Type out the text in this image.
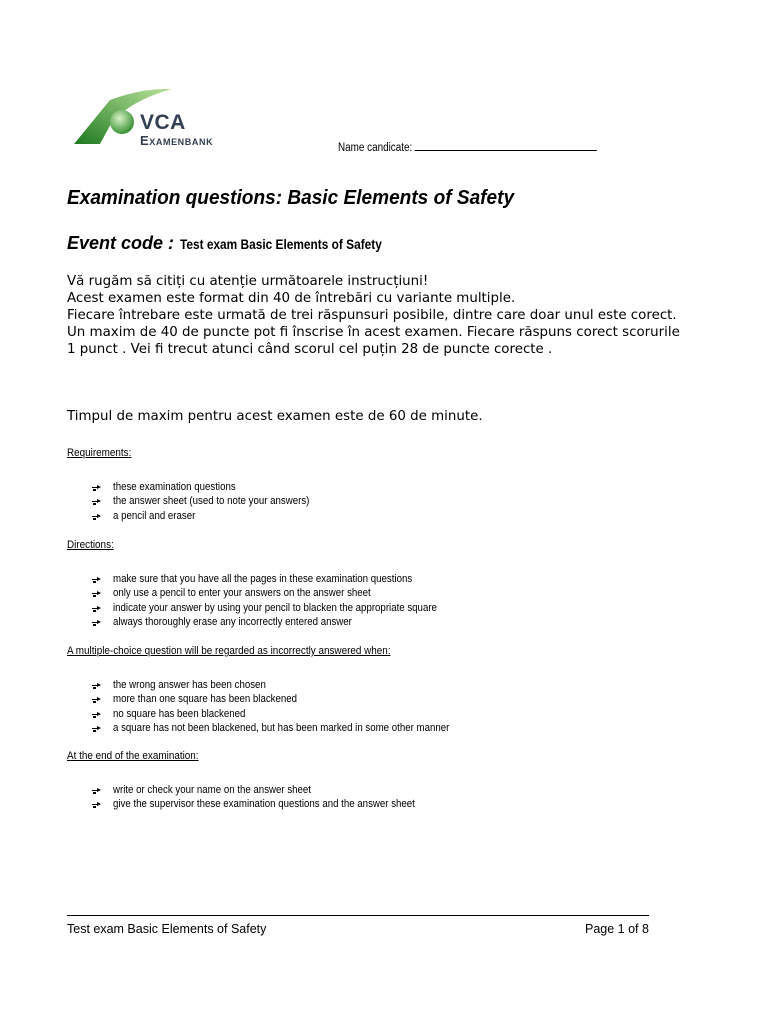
VCA
Examenbank	Name candicate:
Examination questions: Basic Elements of Safety
Event code : Test exam Basic Elements of Safety

Vă rugăm să citiți cu atenție următoarele instrucțiuni!

Acest examen este format din 40 de întrebări cu variante multiple.

Fiecare întrebare este urmată de trei răspunsuri posibile, dintre care doar unul este corect.

Un maxim de 40 de puncte pot fi înscrise în acest examen. Fiecare răspuns corect scorurile 1 punct . Vei fi trecut atunci când scorul cel puțin 28 de puncte corecte .

Timpul de maxim pentru acest examen este de 60 de minute.
Requirements:
these examination questions
the answer sheet (used to note your answers)
a pencil and eraser
Directions:
make sure that you have all the pages in these examination questions
only use a pencil to enter your answers on the answer sheet
indicate your answer by using your pencil to blacken the appropriate square
always thoroughly erase any incorrectly entered answer
A multiple-choice question will be regarded as incorrectly answered when:
the wrong answer has been chosen
more than one square has been blackened
no square has been blackened
a square has not been blackened, but has been marked in some other manner
At the end of the examination:
write or check your name on the answer sheet
give the supervisor these examination questions and the answer sheet
Test exam Basic Elements of Safety	Page 1 of 8
